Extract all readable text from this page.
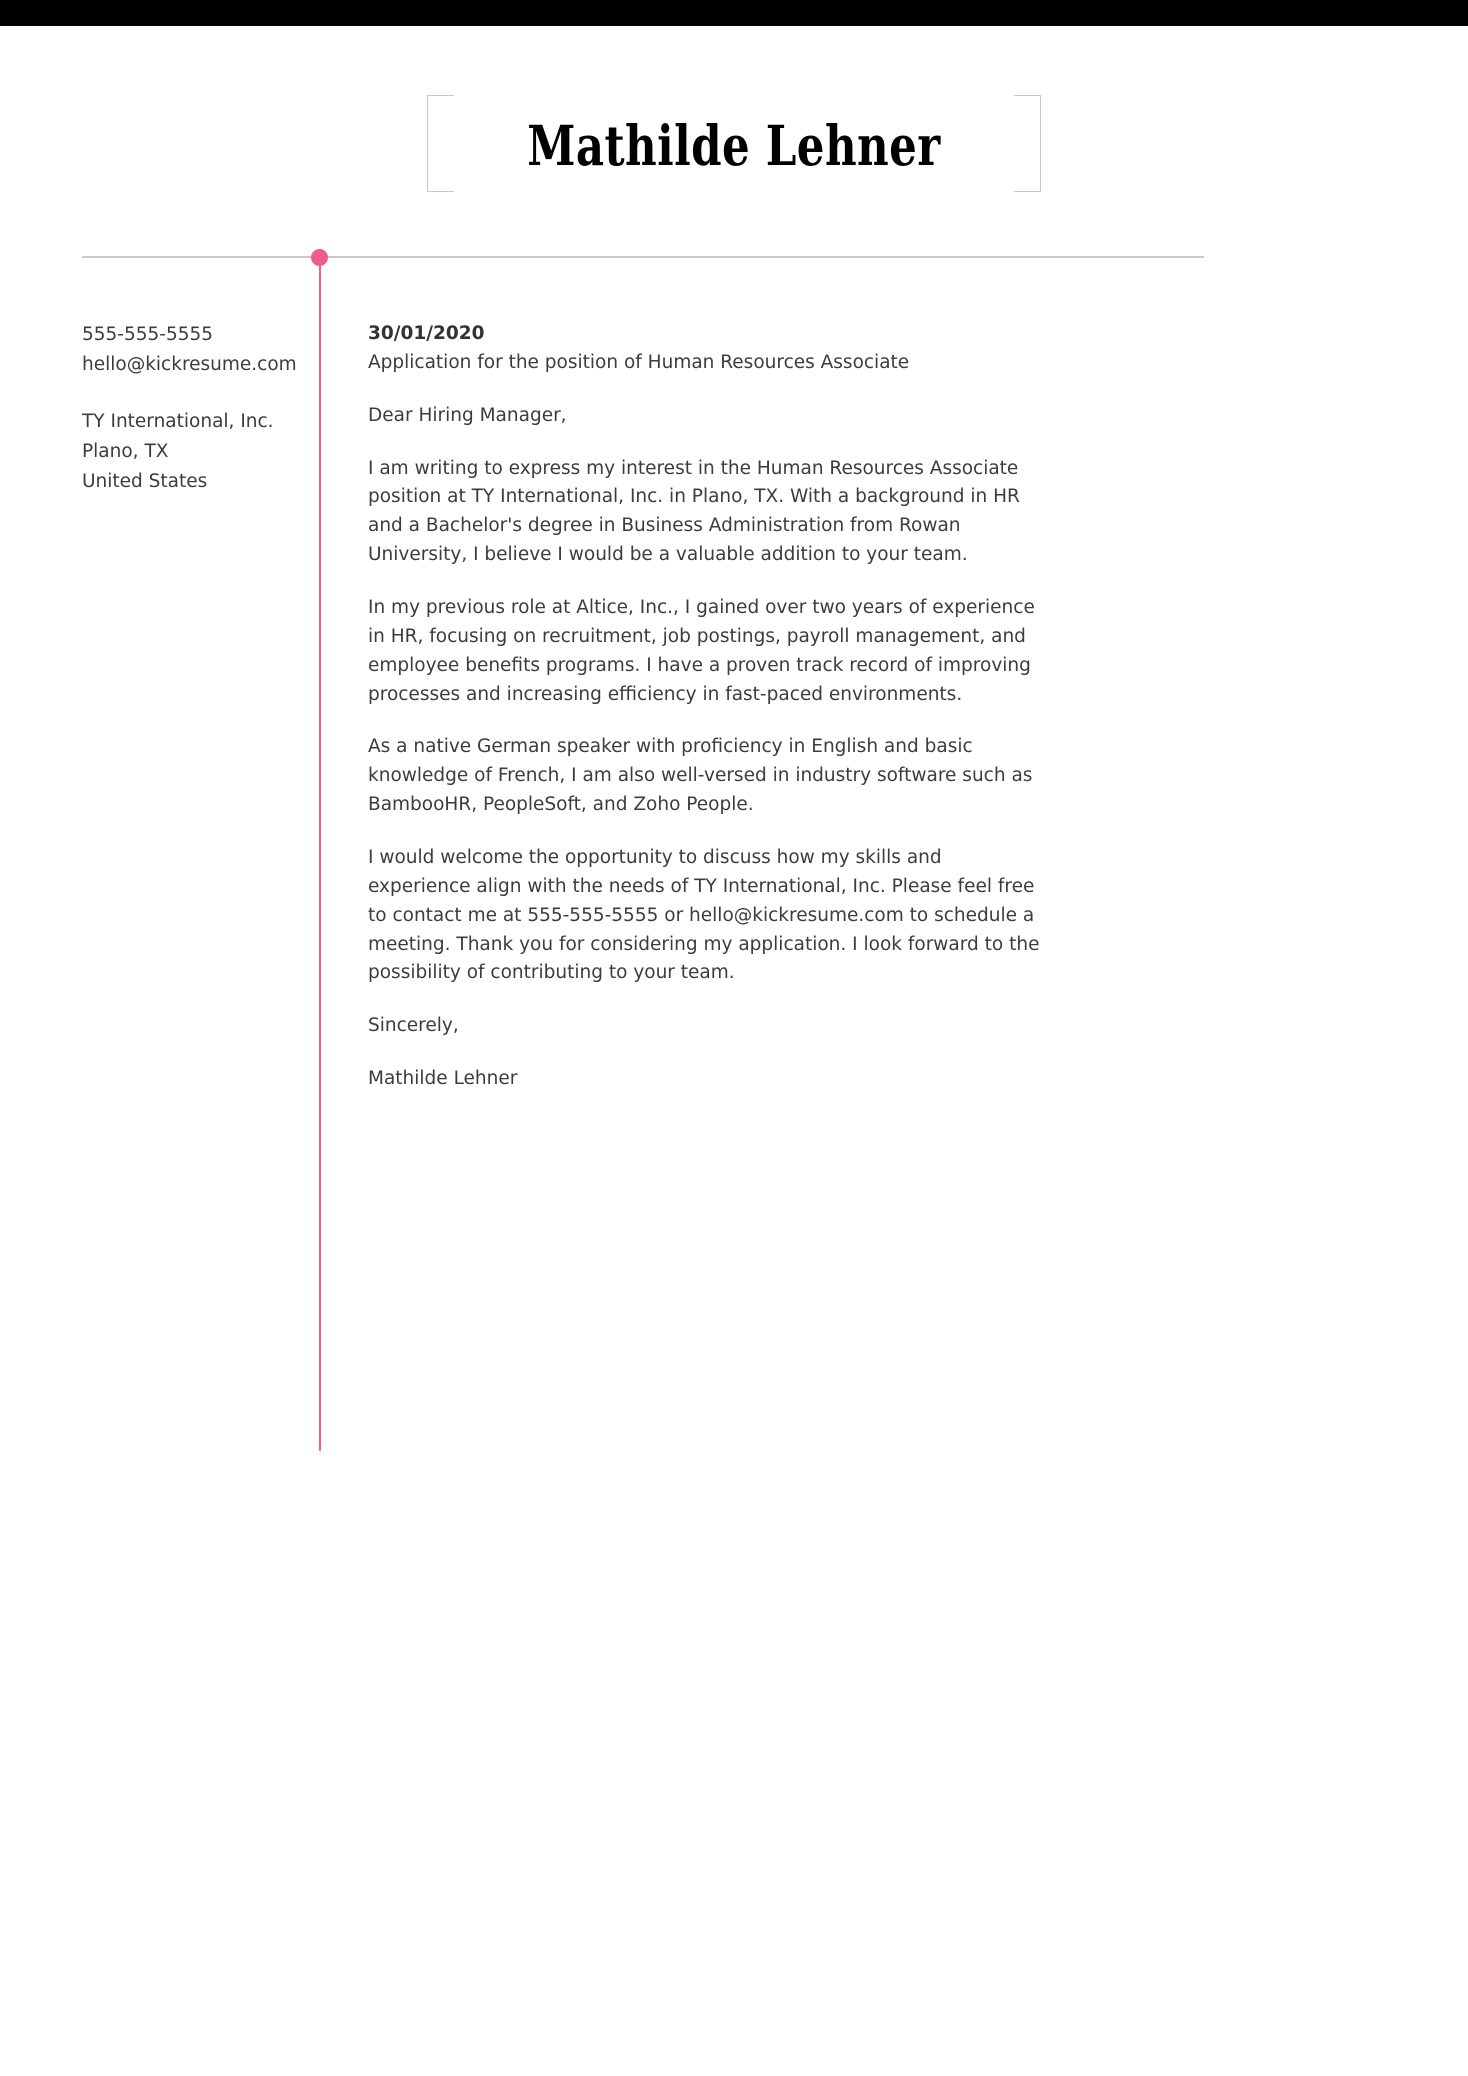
Mathilde Lehner
555-555-5555
hello@kickresume.com
TY International, Inc.
Plano, TX
United States
30/01/2020
Application for the position of Human Resources Associate

Dear Hiring Manager,

I am writing to express my interest in the Human Resources Associate position at TY International, Inc. in Plano, TX. With a background in HR and a Bachelor's degree in Business Administration from Rowan University, I believe I would be a valuable addition to your team.

In my previous role at Altice, Inc., I gained over two years of experience in HR, focusing on recruitment, job postings, payroll management, and employee benefits programs. I have a proven track record of improving processes and increasing efficiency in fast-paced environments.

As a native German speaker with proficiency in English and basic knowledge of French, I am also well-versed in industry software such as BambooHR, PeopleSoft, and Zoho People.

I would welcome the opportunity to discuss how my skills and experience align with the needs of TY International, Inc. Please feel free to contact me at 555-555-5555 or hello@kickresume.com to schedule a meeting. Thank you for considering my application. I look forward to the possibility of contributing to your team.

Sincerely,

Mathilde Lehner
